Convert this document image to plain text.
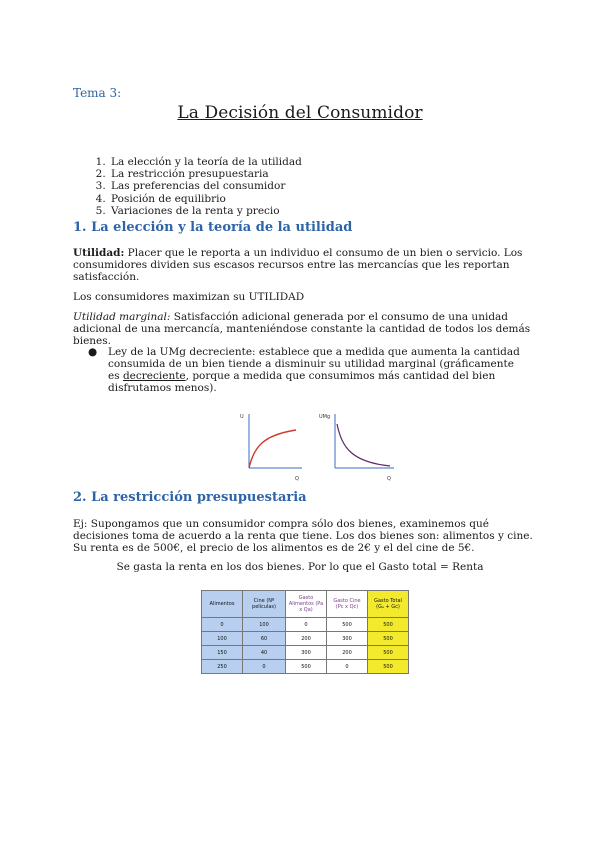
Tema 3:
La Decisión del Consumidor
1. La elección y la teoría de la utilidad
2. La restricción presupuestaria
3. Las preferencias del consumidor
4. Posición de equilibrio
5. Variaciones de la renta y precio
1. La elección y la teoría de la utilidad

Utilidad: Placer que le reporta a un individuo el consumo de un bien o servicio. Los consumidores dividen sus escasos recursos entre las mercancías que les reportan satisfacción.

Los consumidores maximizan su UTILIDAD

Utilidad marginal: Satisfacción adicional generada por el consumo de una unidad adicional de una mercancía, manteniéndose constante la cantidad de todos los demás bienes.

● Ley de la UMg decreciente: establece que a medida que aumenta la cantidad consumida de un bien tiende a disminuir su utilidad marginal (gráficamente es decreciente, porque a medida que consumimos más cantidad del bien disfrutamos menos).
U
Q
UMg
Q
2. La restricción presupuestaria

Ej: Supongamos que un consumidor compra sólo dos bienes, examinemos qué decisiones toma de acuerdo a la renta que tiene. Los dos bienes son: alimentos y cine. Su renta es de 500€, el precio de los alimentos es de 2€ y el del cine de 5€.

Se gasta la renta en los dos bienes. Por lo que el Gasto total = Renta

Alimentos	Cine (Nº películas)	Gasto Alimentos (Pa x Qa)	Gasto Cine (Pc x Qc)	Gasto Total (Gₐ + Gᴄ)
0	100	0	500	500
100	60	200	300	500
150	40	300	200	500
250	0	500	0	500
